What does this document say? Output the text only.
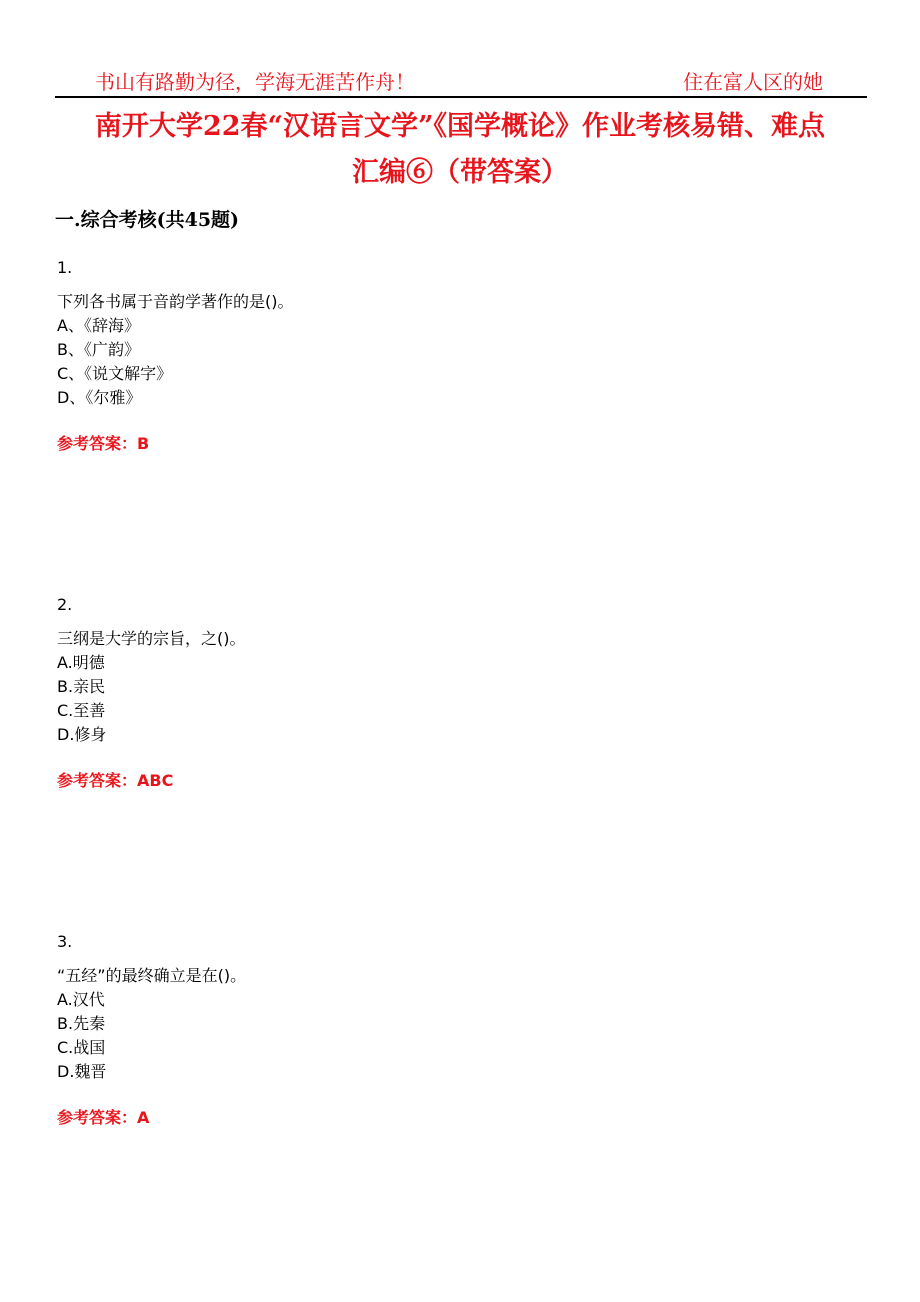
书山有路勤为径，学海无涯苦作舟！	住在富人区的她
南开大学22春“汉语言文学”《国学概论》作业考核易错、难点
汇编⑥（带答案）
一.综合考核(共45题)
1.
下列各书属于音韵学著作的是()。
A、《辞海》
B、《广韵》
C、《说文解字》
D、《尔雅》
参考答案：B
2.
三纲是大学的宗旨，之()。
A.明德
B.亲民
C.至善
D.修身
参考答案：ABC
3.
“五经”的最终确立是在()。
A.汉代
B.先秦
C.战国
D.魏晋
参考答案：A
